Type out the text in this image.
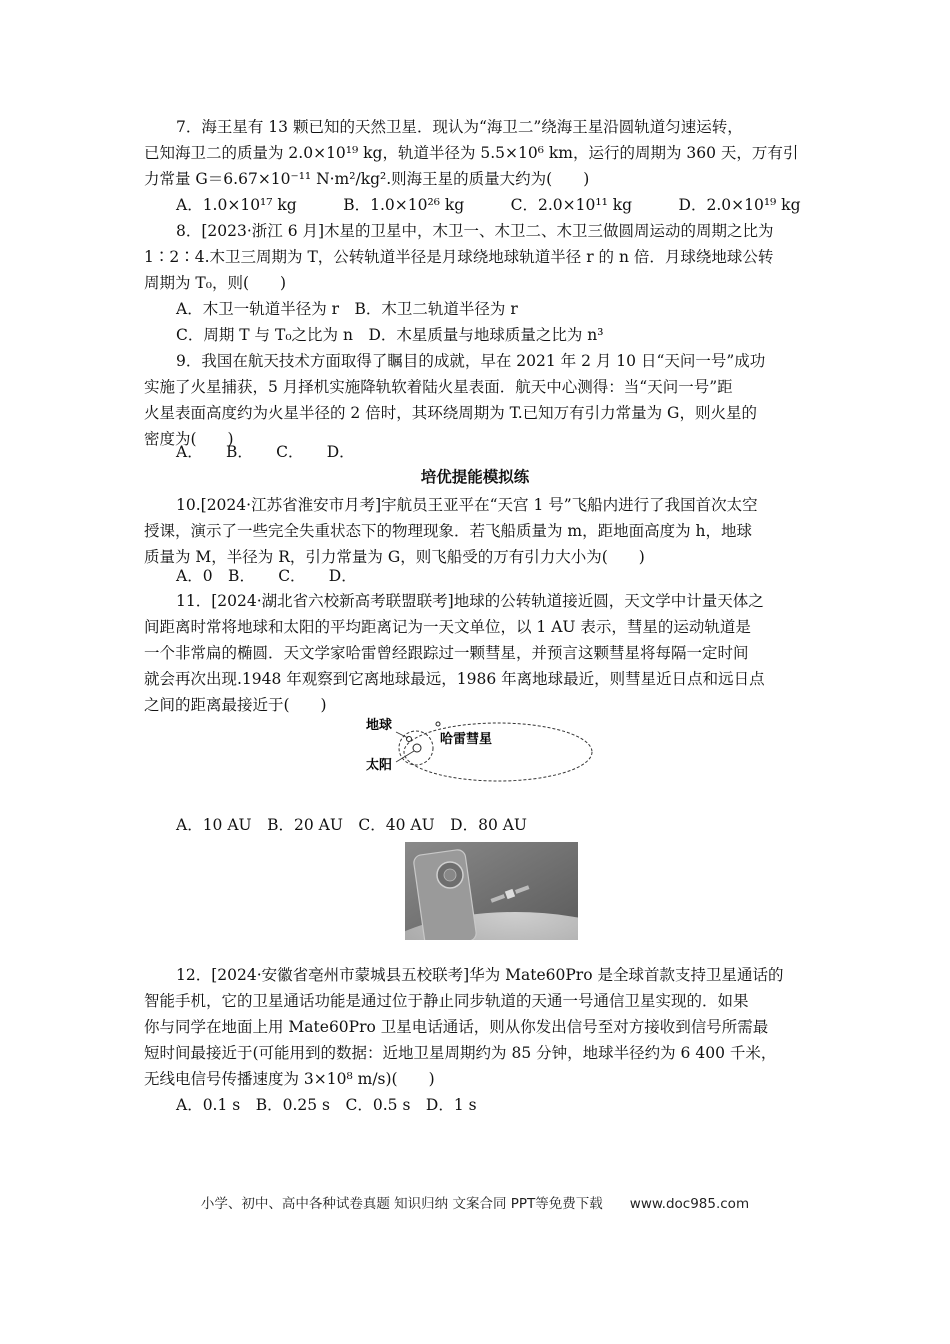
7．海王星有 13 颗已知的天然卫星．现认为“海卫二”绕海王星沿圆轨道匀速运转，
已知海卫二的质量为 2.0×10¹⁹ kg，轨道半径为 5.5×10⁶ km，运行的周期为 360 天，万有引
力常量 G＝6.67×10⁻¹¹ N·m²/kg².则海王星的质量大约为(　　)
A．1.0×10¹⁷ kg　　　B．1.0×10²⁶ kg　　　C．2.0×10¹¹ kg　　　D．2.0×10¹⁹ kg
8．[2023·浙江 6 月]木星的卫星中，木卫一、木卫二、木卫三做圆周运动的周期之比为
1∶2∶4.木卫三周期为 T，公转轨道半径是月球绕地球轨道半径 r 的 n 倍．月球绕地球公转
周期为 T₀，则(　　)
A．木卫一轨道半径为 r　B．木卫二轨道半径为 r
C．周期 T 与 T₀之比为 n　D．木星质量与地球质量之比为 n³
9．我国在航天技术方面取得了瞩目的成就，早在 2021 年 2 月 10 日“天问一号”成功
实施了火星捕获，5 月择机实施降轨软着陆火星表面．航天中心测得：当“天问一号”距
火星表面高度约为火星半径的 2 倍时，其环绕周期为 T.已知万有引力常量为 G，则火星的
密度为(　　)
A．　　B．　　C．　　D．
培优提能模拟练
10.[2024·江苏省淮安市月考]宇航员王亚平在“天宫 1 号”飞船内进行了我国首次太空
授课，演示了一些完全失重状态下的物理现象．若飞船质量为 m，距地面高度为 h，地球
质量为 M，半径为 R，引力常量为 G，则飞船受的万有引力大小为(　　)
A．0　B．　　C．　　D．
11．[2024·湖北省六校新高考联盟联考]地球的公转轨道接近圆，天文学中计量天体之
间距离时常将地球和太阳的平均距离记为一天文单位，以 1 AU 表示，彗星的运动轨道是
一个非常扁的椭圆．天文学家哈雷曾经跟踪过一颗彗星，并预言这颗彗星将每隔一定时间
就会再次出现.1948 年观察到它离地球最远，1986 年离地球最近，则彗星近日点和远日点
之间的距离最接近于(　　)
地球
哈雷彗星
太阳
A．10 AU　B．20 AU　C．40 AU　D．80 AU
12．[2024·安徽省亳州市蒙城县五校联考]华为 Mate60Pro 是全球首款支持卫星通话的
智能手机，它的卫星通话功能是通过位于静止同步轨道的天通一号通信卫星实现的．如果
你与同学在地面上用 Mate60Pro 卫星电话通话，则从你发出信号至对方接收到信号所需最
短时间最接近于(可能用到的数据：近地卫星周期约为 85 分钟，地球半径约为 6 400 千米，
无线电信号传播速度为 3×10⁸ m/s)(　　)
A．0.1 s　B．0.25 s　C．0.5 s　D．1 s
小学、初中、高中各种试卷真题 知识归纳 文案合同 PPT等免费下载　　www.doc985.com
